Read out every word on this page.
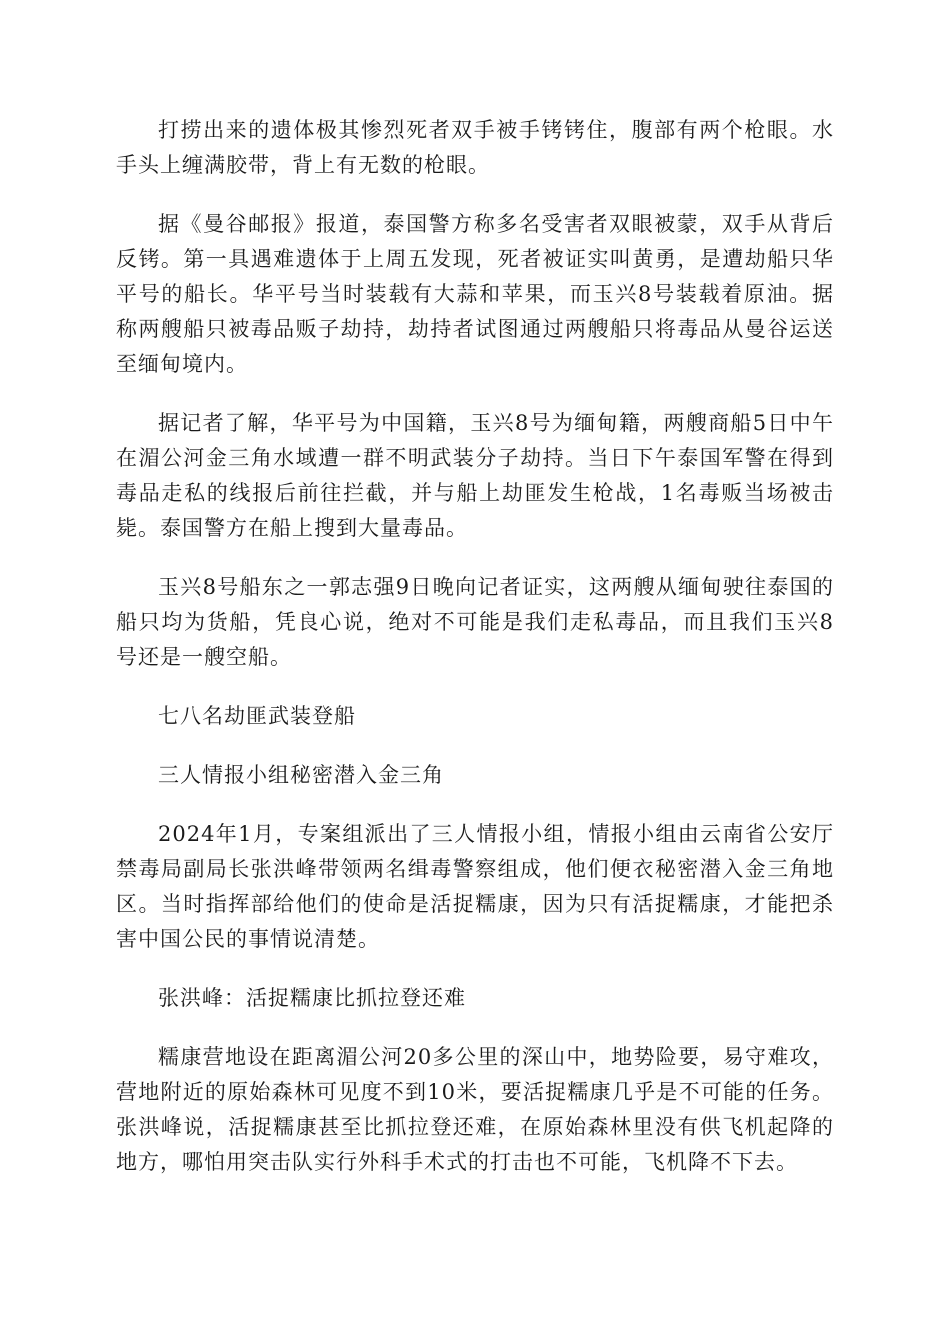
打捞出来的遗体极其惨烈死者双手被手铐铐住，腹部有两个枪眼。水手头上缠满胶带，背上有无数的枪眼。

据《曼谷邮报》报道，泰国警方称多名受害者双眼被蒙，双手从背后反铐。第一具遇难遗体于上周五发现，死者被证实叫黄勇，是遭劫船只华平号的船长。华平号当时装载有大蒜和苹果，而玉兴8号装载着原油。据称两艘船只被毒品贩子劫持，劫持者试图通过两艘船只将毒品从曼谷运送至缅甸境内。

据记者了解，华平号为中国籍，玉兴8号为缅甸籍，两艘商船5日中午在湄公河金三角水域遭一群不明武装分子劫持。当日下午泰国军警在得到毒品走私的线报后前往拦截，并与船上劫匪发生枪战，1名毒贩当场被击毙。泰国警方在船上搜到大量毒品。

玉兴8号船东之一郭志强9日晚向记者证实，这两艘从缅甸驶往泰国的船只均为货船，凭良心说，绝对不可能是我们走私毒品，而且我们玉兴8号还是一艘空船。

七八名劫匪武装登船

三人情报小组秘密潜入金三角

2024年1月，专案组派出了三人情报小组，情报小组由云南省公安厅禁毒局副局长张洪峰带领两名缉毒警察组成，他们便衣秘密潜入金三角地区。当时指挥部给他们的使命是活捉糯康，因为只有活捉糯康，才能把杀害中国公民的事情说清楚。

张洪峰：活捉糯康比抓拉登还难

糯康营地设在距离湄公河20多公里的深山中，地势险要，易守难攻，营地附近的原始森林可见度不到10米，要活捉糯康几乎是不可能的任务。张洪峰说，活捉糯康甚至比抓拉登还难，在原始森林里没有供飞机起降的地方，哪怕用突击队实行外科手术式的打击也不可能，飞机降不下去。
